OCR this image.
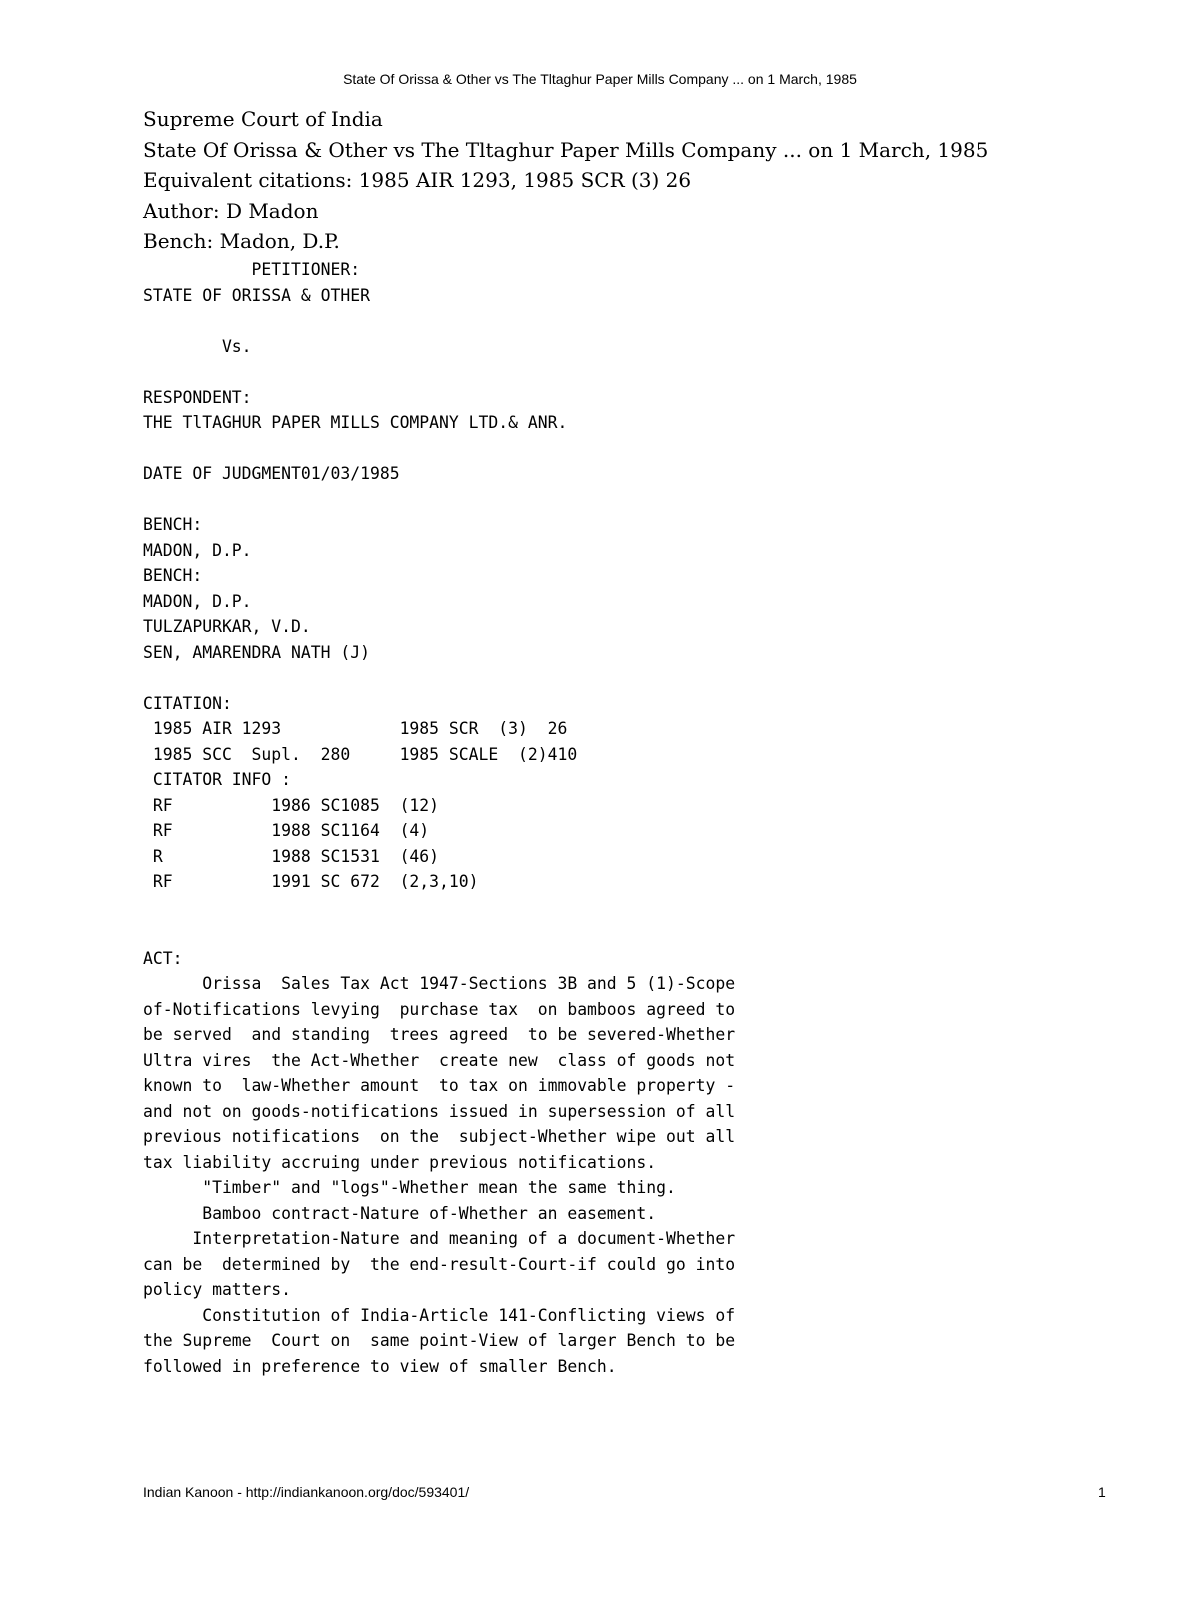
State Of Orissa & Other vs The Tltaghur Paper Mills Company ... on 1 March, 1985
Supreme Court of India
State Of Orissa & Other vs The Tltaghur Paper Mills Company ... on 1 March, 1985
Equivalent citations: 1985 AIR 1293, 1985 SCR (3) 26
Author: D Madon
Bench: Madon, D.P.
PETITIONER:
STATE OF ORISSA & OTHER

Vs.

RESPONDENT:
THE TlTAGHUR PAPER MILLS COMPANY LTD.& ANR.

DATE OF JUDGMENT01/03/1985

BENCH:
MADON, D.P.
BENCH:
MADON, D.P.
TULZAPURKAR, V.D.
SEN, AMARENDRA NATH (J)

CITATION:
1985 AIR 1293            1985 SCR  (3)  26
1985 SCC  Supl.  280     1985 SCALE  (2)410
CITATOR INFO :
RF          1986 SC1085  (12)
RF          1988 SC1164  (4)
R           1988 SC1531  (46)
RF          1991 SC 672  (2,3,10)

ACT:
Orissa  Sales Tax Act 1947-Sections 3B and 5 (1)-Scope
of-Notifications levying  purchase tax  on bamboos agreed to
be served  and standing  trees agreed  to be severed-Whether
Ultra vires  the Act-Whether  create new  class of goods not
known to  law-Whether amount  to tax on immovable property -
and not on goods-notifications issued in supersession of all
previous notifications  on the  subject-Whether wipe out all
tax liability accruing under previous notifications.
"Timber" and "logs"-Whether mean the same thing.
Bamboo contract-Nature of-Whether an easement.
Interpretation-Nature and meaning of a document-Whether
can be  determined by  the end-result-Court-if could go into
policy matters.
Constitution of India-Article 141-Conflicting views of
the Supreme  Court on  same point-View of larger Bench to be
followed in preference to view of smaller Bench.
Indian Kanoon - http://indiankanoon.org/doc/593401/	1
